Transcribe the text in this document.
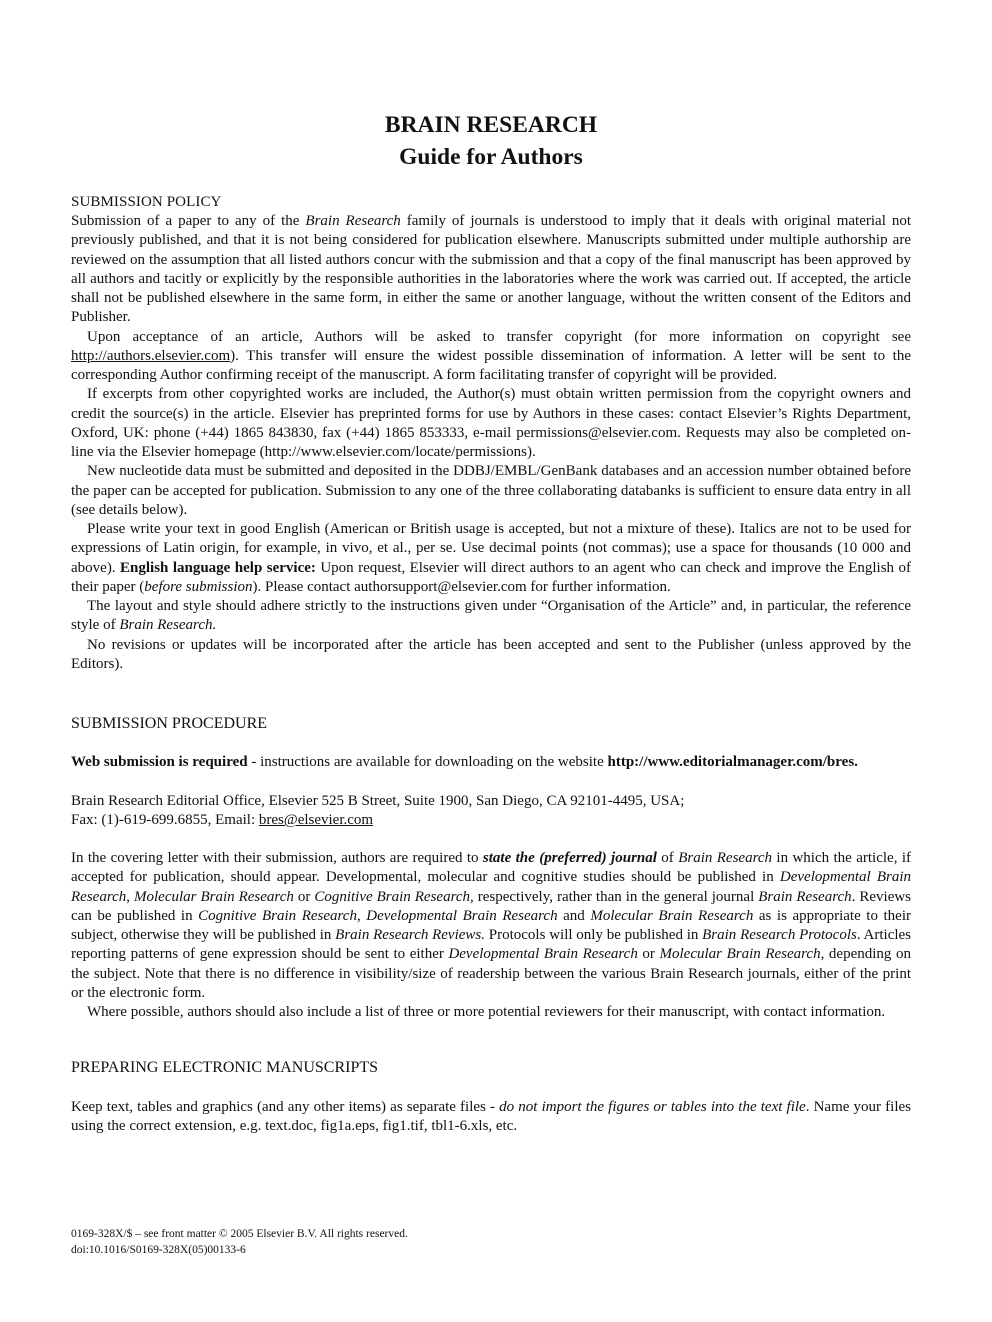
BRAIN RESEARCH
Guide for Authors
SUBMISSION POLICY

Submission of a paper to any of the Brain Research family of journals is understood to imply that it deals with original material not previously published, and that it is not being considered for publication elsewhere. Manuscripts submitted under multiple authorship are reviewed on the assumption that all listed authors concur with the submission and that a copy of the final manuscript has been approved by all authors and tacitly or explicitly by the responsible authorities in the laboratories where the work was carried out. If accepted, the article shall not be published elsewhere in the same form, in either the same or another language, without the written consent of the Editors and Publisher.

Upon acceptance of an article, Authors will be asked to transfer copyright (for more information on copyright see http://authors.elsevier.com). This transfer will ensure the widest possible dissemination of information. A letter will be sent to the corresponding Author confirming receipt of the manuscript. A form facilitating transfer of copyright will be provided.

If excerpts from other copyrighted works are included, the Author(s) must obtain written permission from the copyright owners and credit the source(s) in the article. Elsevier has preprinted forms for use by Authors in these cases: contact Elsevier’s Rights Department, Oxford, UK: phone (+44) 1865 843830, fax (+44) 1865 853333, e-mail permissions@elsevier.com. Requests may also be completed on-line via the Elsevier homepage (http://www.elsevier.com/locate/permissions).

New nucleotide data must be submitted and deposited in the DDBJ/EMBL/GenBank databases and an accession number obtained before the paper can be accepted for publication. Submission to any one of the three collaborating databanks is sufficient to ensure data entry in all (see details below).

Please write your text in good English (American or British usage is accepted, but not a mixture of these). Italics are not to be used for expressions of Latin origin, for example, in vivo, et al., per se. Use decimal points (not commas); use a space for thousands (10 000 and above). English language help service: Upon request, Elsevier will direct authors to an agent who can check and improve the English of their paper (before submission). Please contact authorsupport@elsevier.com for further information.

The layout and style should adhere strictly to the instructions given under “Organisation of the Article” and, in particular, the reference style of Brain Research.

No revisions or updates will be incorporated after the article has been accepted and sent to the Publisher (unless approved by the Editors).

SUBMISSION PROCEDURE

Web submission is required - instructions are available for downloading on the website http://www.editorialmanager.com/bres.

Brain Research Editorial Office, Elsevier 525 B Street, Suite 1900, San Diego, CA 92101-4495, USA;

Fax: (1)-619-699.6855, Email: bres@elsevier.com

In the covering letter with their submission, authors are required to state the (preferred) journal of Brain Research in which the article, if accepted for publication, should appear. Developmental, molecular and cognitive studies should be published in Developmental Brain Research, Molecular Brain Research or Cognitive Brain Research, respectively, rather than in the general journal Brain Research. Reviews can be published in Cognitive Brain Research, Developmental Brain Research and Molecular Brain Research as is appropriate to their subject, otherwise they will be published in Brain Research Reviews. Protocols will only be published in Brain Research Protocols. Articles reporting patterns of gene expression should be sent to either Developmental Brain Research or Molecular Brain Research, depending on the subject. Note that there is no difference in visibility/size of readership between the various Brain Research journals, either of the print or the electronic form.

Where possible, authors should also include a list of three or more potential reviewers for their manuscript, with contact information.

PREPARING ELECTRONIC MANUSCRIPTS

Keep text, tables and graphics (and any other items) as separate files - do not import the figures or tables into the text file. Name your files using the correct extension, e.g. text.doc, fig1a.eps, fig1.tif, tbl1-6.xls, etc.

0169-328X/$ – see front matter © 2005 Elsevier B.V. All rights reserved.
doi:10.1016/S0169-328X(05)00133-6
